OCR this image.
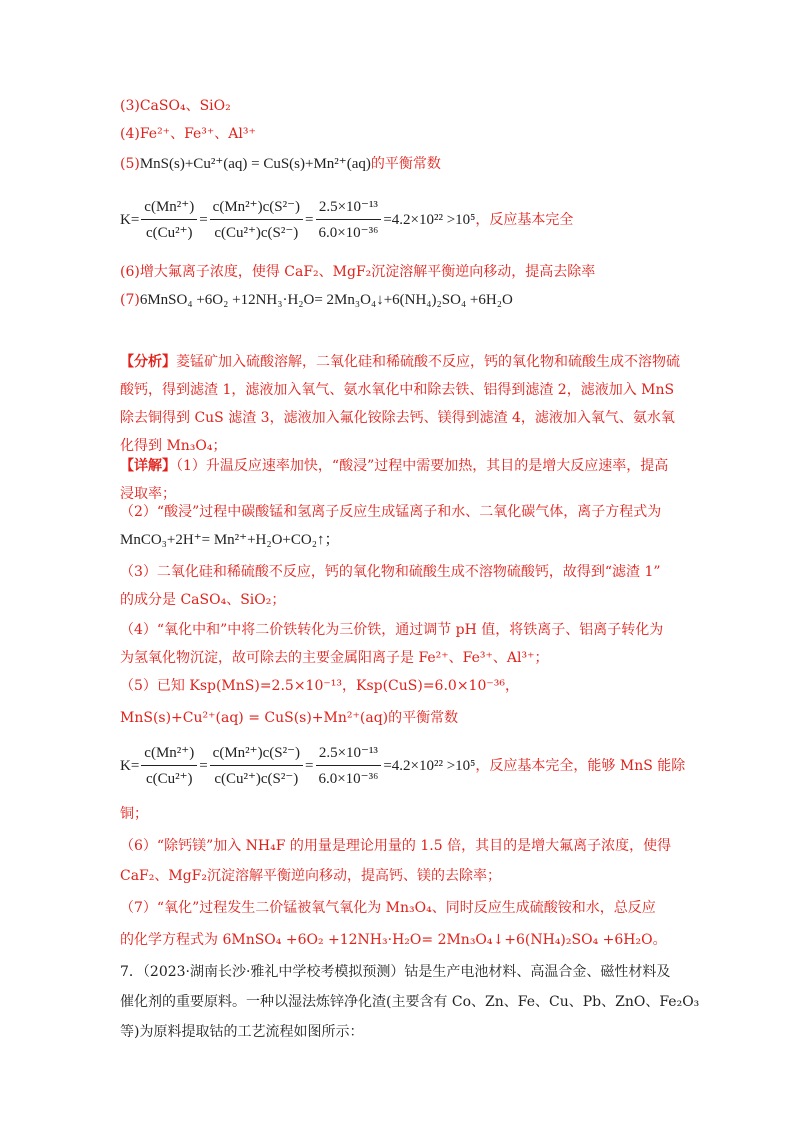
(3)CaSO₄、SiO₂
(4)Fe²⁺、Fe³⁺、Al³⁺
(5)MnS(s)+Cu²⁺(aq) = CuS(s)+Mn²⁺(aq)的平衡常数
$K= \frac{\text{c(Mn²⁺)}}{\text{c(Cu²⁺)}} = \frac{\text{c(Mn²⁺)c(S²⁻)}}{\text{c(Cu²⁺)c(S²⁻)}} = \frac{\text{2.5×10⁻¹³}}{\text{6.0×10⁻³⁶}} =4.2\times 10^{22} >10^5$ ，反应基本完全
(6)增大氟离子浓度，使得 CaF₂、MgF₂沉淀溶解平衡逆向移动，提高去除率
(7)6MnSO₄ +6O₂ +12NH₃·H₂O= 2Mn₃O₄↓+6(NH₄)₂SO₄ +6H₂O
【分析】菱锰矿加入硫酸溶解，二氧化硅和稀硫酸不反应，钙的氧化物和硫酸生成不溶物硫酸钙，得到滤渣 1，滤液加入氧气、氨水氧化中和除去铁、铝得到滤渣 2，滤液加入 MnS 除去铜得到 CuS 滤渣 3，滤液加入氟化铵除去钙、镁得到滤渣 4，滤液加入氧气、氨水氧化得到 Mn₃O₄；
【详解】（1）升温反应速率加快，“酸浸”过程中需要加热，其目的是增大反应速率，提高浸取率；
（2）“酸浸”过程中碳酸锰和氢离子反应生成锰离子和水、二氧化碳气体，离子方程式为
MnCO₃+2H⁺= Mn²⁺+H₂O+CO₂↑；
（3）二氧化硅和稀硫酸不反应，钙的氧化物和硫酸生成不溶物硫酸钙，故得到“滤渣 1”
的成分是 CaSO₄、SiO₂；
（4）“氧化中和”中将二价铁转化为三价铁，通过调节 pH 值，将铁离子、铝离子转化为
为氢氧化物沉淀，故可除去的主要金属阳离子是 Fe²⁺、Fe³⁺、Al³⁺；
（5）已知 Ksp(MnS)=2.5×10⁻¹³，Ksp(CuS)=6.0×10⁻³⁶，
MnS(s)+Cu²⁺(aq) = CuS(s)+Mn²⁺(aq)的平衡常数
$K= \frac{\text{c(Mn²⁺)}}{\text{c(Cu²⁺)}} = \frac{\text{c(Mn²⁺)c(S²⁻)}}{\text{c(Cu²⁺)c(S²⁻)}} = \frac{\text{2.5×10⁻¹³}}{\text{6.0×10⁻³⁶}} =4.2\times 10^{22} >10^5$ ，反应基本完全，能够 MnS 能除
铜；
（6）“除钙镁”加入 NH₄F 的用量是理论用量的 1.5 倍，其目的是增大氟离子浓度，使得
CaF₂、MgF₂沉淀溶解平衡逆向移动，提高钙、镁的去除率；
（7）“氧化”过程发生二价锰被氧气氧化为 Mn₃O₄、同时反应生成硫酸铵和水，总反应
的化学方程式为 6MnSO₄ +6O₂ +12NH₃·H₂O= 2Mn₃O₄↓+6(NH₄)₂SO₄ +6H₂O。
7．（2023·湖南长沙·雅礼中学校考模拟预测）钴是生产电池材料、高温合金、磁性材料及
催化剂的重要原料。一种以湿法炼锌净化渣(主要含有 Co、Zn、Fe、Cu、Pb、ZnO、Fe₂O₃
等)为原料提取钴的工艺流程如图所示：
